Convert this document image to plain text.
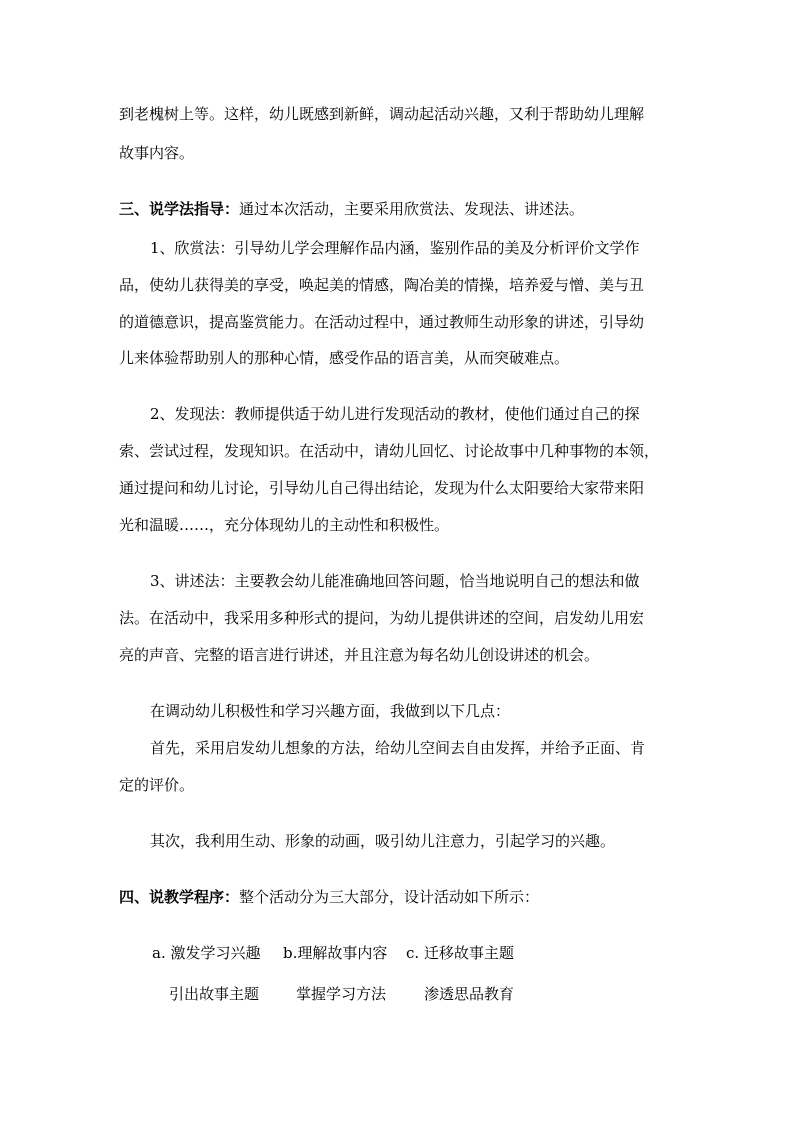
到老槐树上等。这样，幼儿既感到新鲜，调动起活动兴趣，又利于帮助幼儿理解
故事内容。
三、说学法指导：通过本次活动，主要采用欣赏法、发现法、讲述法。
1、欣赏法：引导幼儿学会理解作品内涵，鉴别作品的美及分析评价文学作
品，使幼儿获得美的享受，唤起美的情感，陶冶美的情操，培养爱与憎、美与丑
的道德意识，提高鉴赏能力。在活动过程中，通过教师生动形象的讲述，引导幼
儿来体验帮助别人的那种心情，感受作品的语言美，从而突破难点。
2、发现法：教师提供适于幼儿进行发现活动的教材，使他们通过自己的探
索、尝试过程，发现知识。在活动中，请幼儿回忆、讨论故事中几种事物的本领，
通过提问和幼儿讨论，引导幼儿自己得出结论，发现为什么太阳要给大家带来阳
光和温暖……，充分体现幼儿的主动性和积极性。
3、讲述法：主要教会幼儿能准确地回答问题，恰当地说明自己的想法和做
法。在活动中，我采用多种形式的提问，为幼儿提供讲述的空间，启发幼儿用宏
亮的声音、完整的语言进行讲述，并且注意为每名幼儿创设讲述的机会。
在调动幼儿积极性和学习兴趣方面，我做到以下几点：
首先，采用启发幼儿想象的方法，给幼儿空间去自由发挥，并给予正面、肯
定的评价。
其次，我利用生动、形象的动画，吸引幼儿注意力，引起学习的兴趣。
四、说教学程序：整个活动分为三大部分，设计活动如下所示：
a. 激发学习兴趣 b.理解故事内容 c. 迁移故事主题
引出故事主题 掌握学习方法	渗透思品教育
